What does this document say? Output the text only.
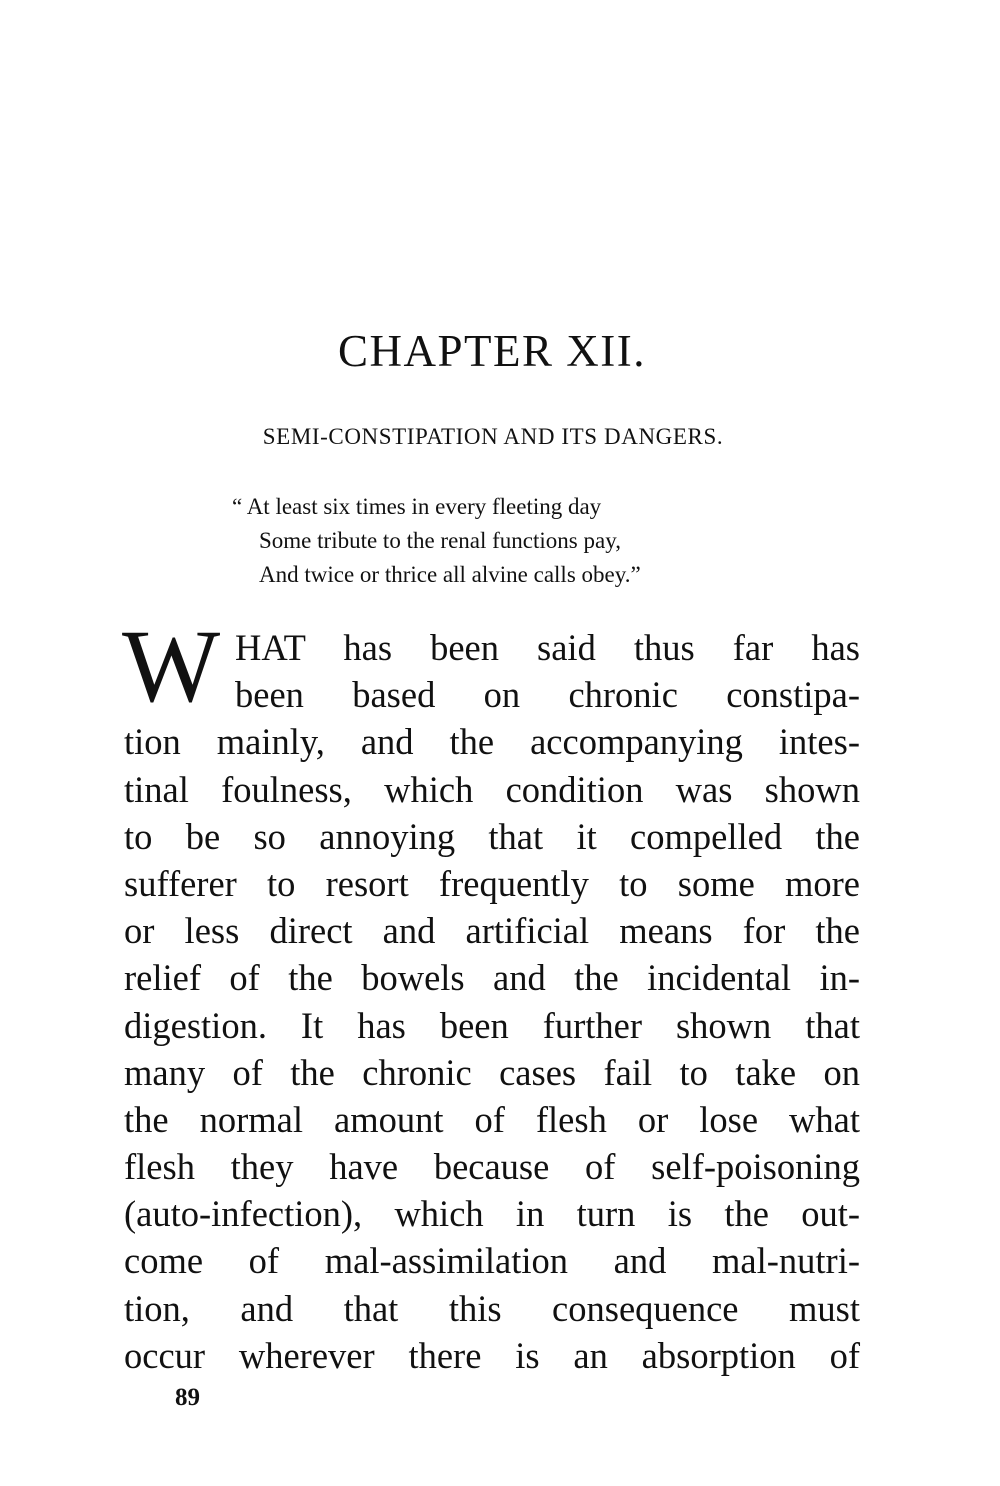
CHAPTER XII.
SEMI-CONSTIPATION AND ITS DANGERS.
“ At least six times in every fleeting day
Some tribute to the renal functions pay,
And twice or thrice all alvine calls obey.”
W HAT has been said thus far has
been based on chronic constipa-
tion mainly, and the accompanying intes-
tinal foulness, which condition was shown
to be so annoying that it compelled the
sufferer to resort frequently to some more
or less direct and artificial means for the
relief of the bowels and the incidental in-
digestion. It has been further shown that
many of the chronic cases fail to take on
the normal amount of flesh or lose what
flesh they have because of self-poisoning
(auto-infection), which in turn is the out-
come of mal-assimilation and mal-nutri-
tion, and that this consequence must
occur wherever there is an absorption of
89
